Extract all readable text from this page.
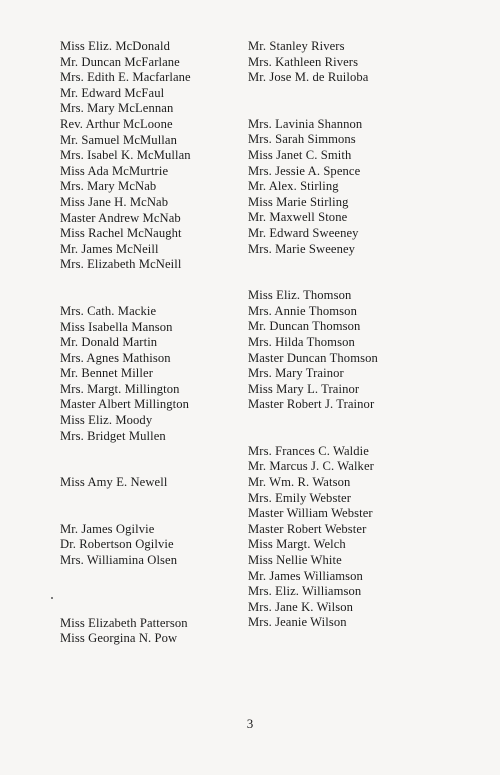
Miss Eliz. McDonald
Mr. Duncan McFarlane
Mrs. Edith E. Macfarlane
Mr. Edward McFaul
Mrs. Mary McLennan
Rev. Arthur McLoone
Mr. Samuel McMullan
Mrs. Isabel K. McMullan
Miss Ada McMurtrie
Mrs. Mary McNab
Miss Jane H. McNab
Master Andrew McNab
Miss Rachel McNaught
Mr. James McNeill
Mrs. Elizabeth McNeill
Mrs. Cath. Mackie
Miss Isabella Manson
Mr. Donald Martin
Mrs. Agnes Mathison
Mr. Bennet Miller
Mrs. Margt. Millington
Master Albert Millington
Miss Eliz. Moody
Mrs. Bridget Mullen
Miss Amy E. Newell
Mr. James Ogilvie
Dr. Robertson Ogilvie
Mrs. Williamina Olsen
Miss Elizabeth Patterson
Miss Georgina N. Pow
Mr. Stanley Rivers
Mrs. Kathleen Rivers
Mr. Jose M. de Ruiloba
Mrs. Lavinia Shannon
Mrs. Sarah Simmons
Miss Janet C. Smith
Mrs. Jessie A. Spence
Mr. Alex. Stirling
Miss Marie Stirling
Mr. Maxwell Stone
Mr. Edward Sweeney
Mrs. Marie Sweeney
Miss Eliz. Thomson
Mrs. Annie Thomson
Mr. Duncan Thomson
Mrs. Hilda Thomson
Master Duncan Thomson
Mrs. Mary Trainor
Miss Mary L. Trainor
Master Robert J. Trainor
Mrs. Frances C. Waldie
Mr. Marcus J. C. Walker
Mr. Wm. R. Watson
Mrs. Emily Webster
Master William Webster
Master Robert Webster
Miss Margt. Welch
Miss Nellie White
Mr. James Williamson
Mrs. Eliz. Williamson
Mrs. Jane K. Wilson
Mrs. Jeanie Wilson
3
